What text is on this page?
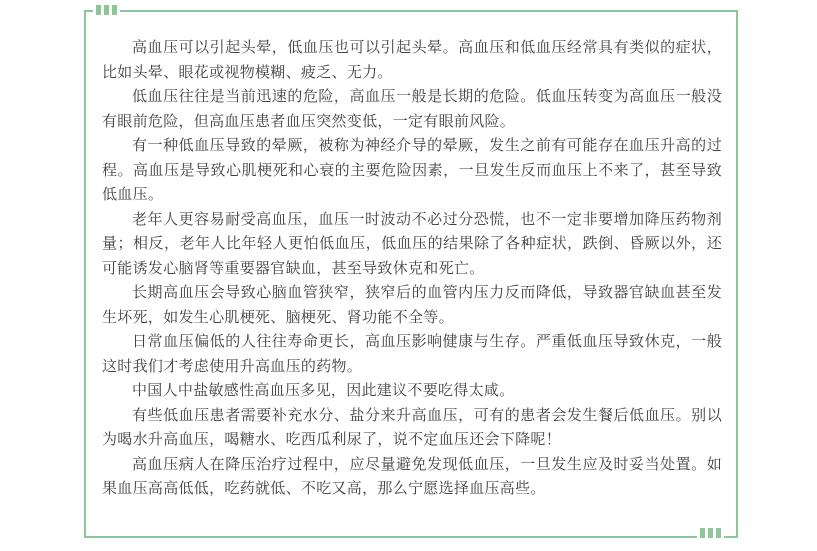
高血压可以引起头晕，低血压也可以引起头晕。高血压和低血压经常具有类似的症状，比如头晕、眼花或视物模糊、疲乏、无力。

低血压往往是当前迅速的危险，高血压一般是长期的危险。低血压转变为高血压一般没有眼前危险，但高血压患者血压突然变低，一定有眼前风险。

有一种低血压导致的晕厥，被称为神经介导的晕厥，发生之前有可能存在血压升高的过程。高血压是导致心肌梗死和心衰的主要危险因素，一旦发生反而血压上不来了，甚至导致低血压。

老年人更容易耐受高血压，血压一时波动不必过分恐慌，也不一定非要增加降压药物剂量；相反，老年人比年轻人更怕低血压，低血压的结果除了各种症状，跌倒、昏厥以外，还可能诱发心脑肾等重要器官缺血，甚至导致休克和死亡。

长期高血压会导致心脑血管狭窄，狭窄后的血管内压力反而降低，导致器官缺血甚至发生坏死，如发生心肌梗死、脑梗死、肾功能不全等。

日常血压偏低的人往往寿命更长，高血压影响健康与生存。严重低血压导致休克，一般这时我们才考虑使用升高血压的药物。

中国人中盐敏感性高血压多见，因此建议不要吃得太咸。

有些低血压患者需要补充水分、盐分来升高血压，可有的患者会发生餐后低血压。别以为喝水升高血压，喝糖水、吃西瓜利尿了，说不定血压还会下降呢！

高血压病人在降压治疗过程中，应尽量避免发现低血压，一旦发生应及时妥当处置。如果血压高高低低，吃药就低、不吃又高，那么宁愿选择血压高些。
